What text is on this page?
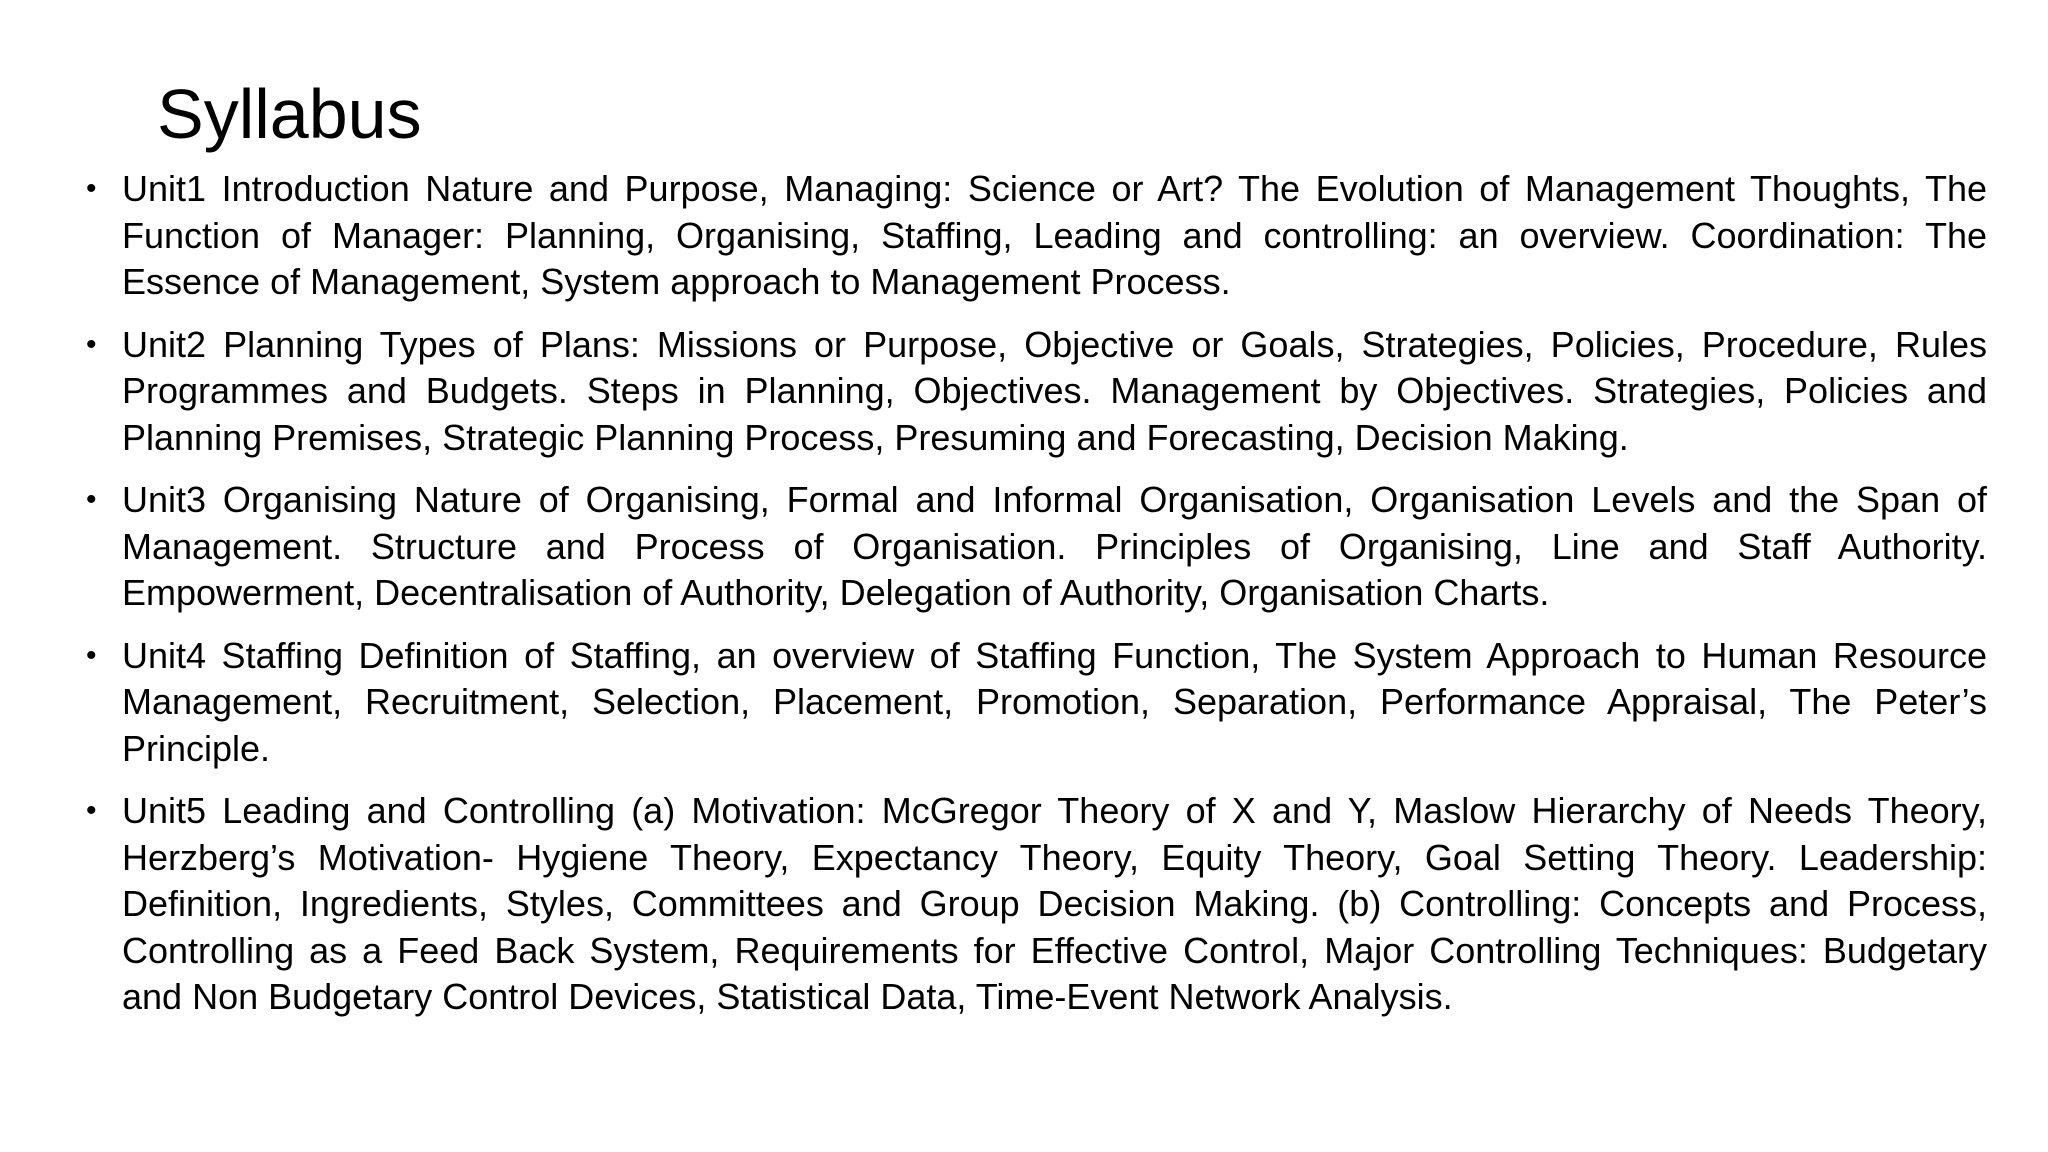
Syllabus
• Unit1 Introduction Nature and Purpose, Managing: Science or Art? The Evolution of Management Thoughts, The Function of Manager: Planning, Organising, Staffing, Leading and controlling: an overview. Coordination: The Essence of Management, System approach to Management Process.
• Unit2 Planning Types of Plans: Missions or Purpose, Objective or Goals, Strategies, Policies, Procedure, Rules Programmes and Budgets. Steps in Planning, Objectives. Management by Objectives. Strategies, Policies and Planning Premises, Strategic Planning Process, Presuming and Forecasting, Decision Making.
• Unit3 Organising Nature of Organising, Formal and Informal Organisation, Organisation Levels and the Span of Management. Structure and Process of Organisation. Principles of Organising, Line and Staff Authority. Empowerment, Decentralisation of Authority, Delegation of Authority, Organisation Charts.
• Unit4 Staffing Definition of Staffing, an overview of Staffing Function, The System Approach to Human Resource Management, Recruitment, Selection, Placement, Promotion, Separation, Performance Appraisal, The Peter’s Principle.
• Unit5 Leading and Controlling (a) Motivation: McGregor Theory of X and Y, Maslow Hierarchy of Needs Theory, Herzberg’s Motivation- Hygiene Theory, Expectancy Theory, Equity Theory, Goal Setting Theory. Leadership: Definition, Ingredients, Styles, Committees and Group Decision Making. (b) Controlling: Concepts and Process, Controlling as a Feed Back System, Requirements for Effective Control, Major Controlling Techniques: Budgetary and Non Budgetary Control Devices, Statistical Data, Time-Event Network Analysis.
